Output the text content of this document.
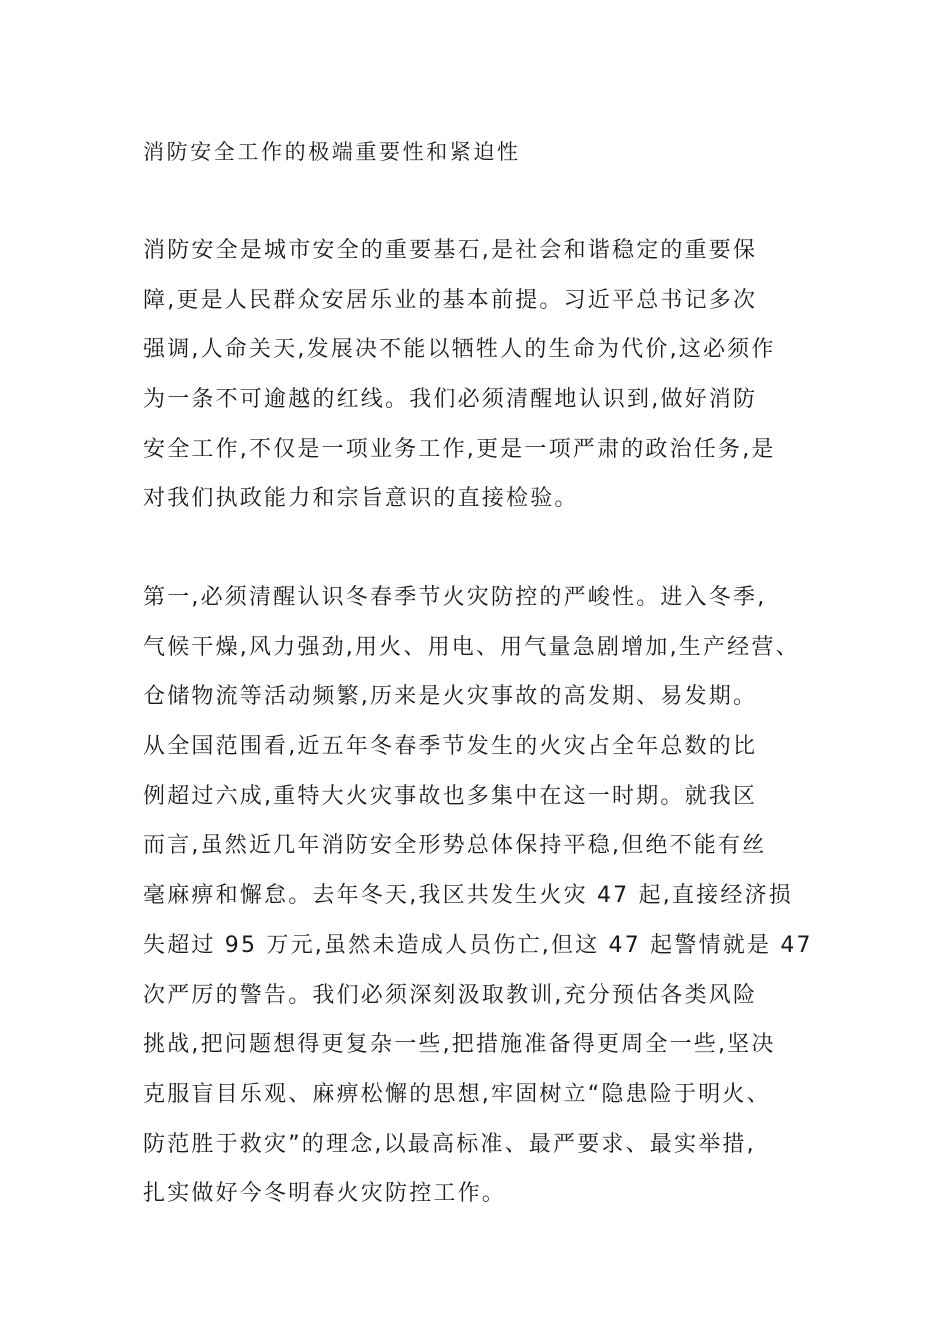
消防安全工作的极端重要性和紧迫性
消防安全是城市安全的重要基石,是社会和谐稳定的重要保
障,更是人民群众安居乐业的基本前提。习近平总书记多次
强调,人命关天,发展决不能以牺牲人的生命为代价,这必须作
为一条不可逾越的红线。我们必须清醒地认识到,做好消防
安全工作,不仅是一项业务工作,更是一项严肃的政治任务,是
对我们执政能力和宗旨意识的直接检验。
第一,必须清醒认识冬春季节火灾防控的严峻性。进入冬季,
气候干燥,风力强劲,用火、用电、用气量急剧增加,生产经营、
仓储物流等活动频繁,历来是火灾事故的高发期、易发期。
从全国范围看,近五年冬春季节发生的火灾占全年总数的比
例超过六成,重特大火灾事故也多集中在这一时期。就我区
而言,虽然近几年消防安全形势总体保持平稳,但绝不能有丝
毫麻痹和懈怠。去年冬天,我区共发生火灾 47 起,直接经济损
失超过 95 万元,虽然未造成人员伤亡,但这 47 起警情就是 47
次严厉的警告。我们必须深刻汲取教训,充分预估各类风险
挑战,把问题想得更复杂一些,把措施准备得更周全一些,坚决
克服盲目乐观、麻痹松懈的思想,牢固树立“隐患险于明火、
防范胜于救灾”的理念,以最高标准、最严要求、最实举措,
扎实做好今冬明春火灾防控工作。
